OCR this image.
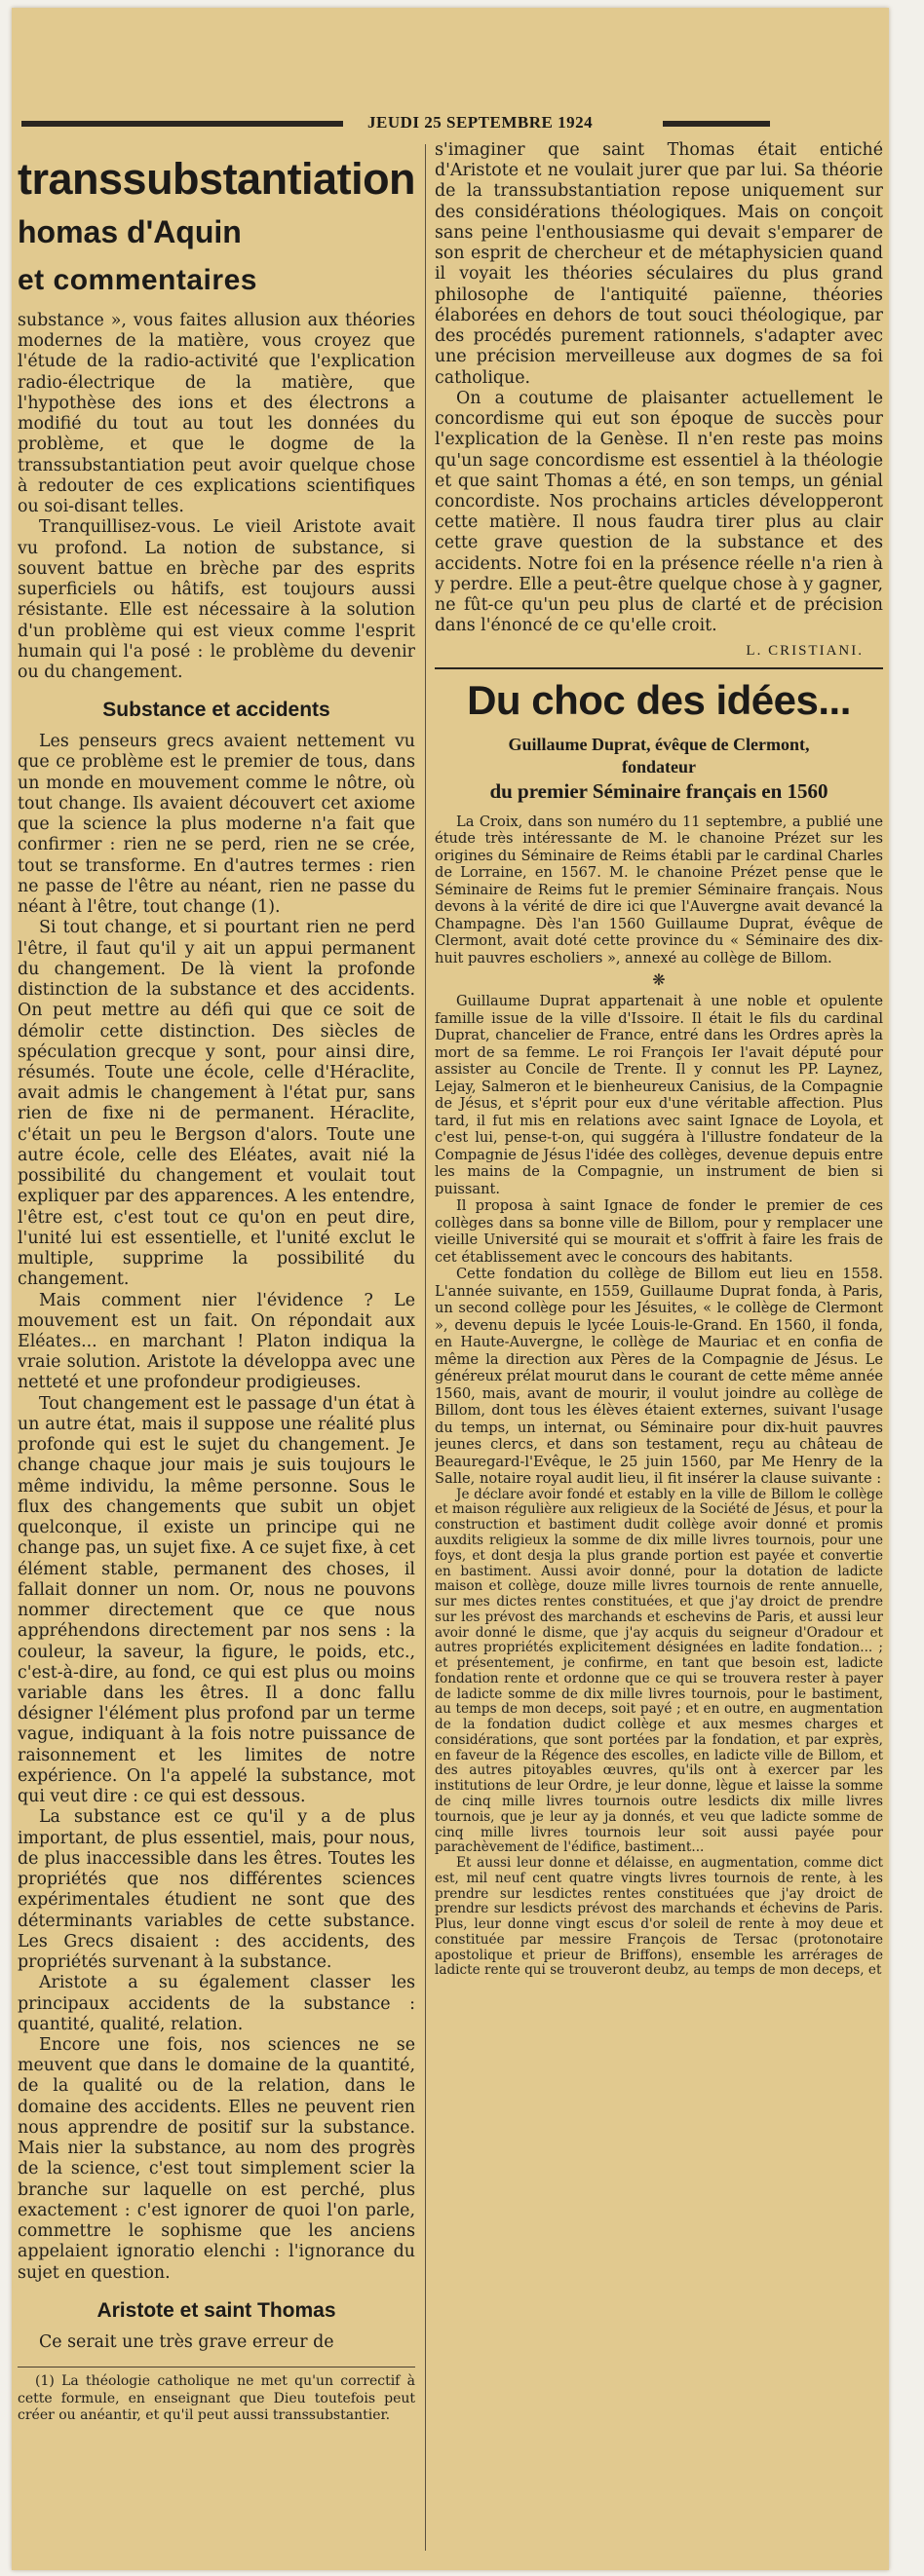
JEUDI 25 SEPTEMBRE 1924
transsubstantiation
homas d'Aquin
et commentaires

substance », vous faites allusion aux théories modernes de la matière, vous croyez que l'étude de la radio-activité que l'explication radio-électrique de la matière, que l'hypothèse des ions et des électrons a modifié du tout au tout les données du problème, et que le dogme de la transsubstantiation peut avoir quelque chose à redouter de ces explications scientifiques ou soi-disant telles.

Tranquillisez-vous. Le vieil Aristote avait vu profond. La notion de substance, si souvent battue en brèche par des esprits superficiels ou hâtifs, est toujours aussi résistante. Elle est nécessaire à la solution d'un problème qui est vieux comme l'esprit humain qui l'a posé : le problème du devenir ou du changement.

Substance et accidents

Les penseurs grecs avaient nettement vu que ce problème est le premier de tous, dans un monde en mouvement comme le nôtre, où tout change. Ils avaient découvert cet axiome que la science la plus moderne n'a fait que confirmer : rien ne se perd, rien ne se crée, tout se transforme. En d'autres termes : rien ne passe de l'être au néant, rien ne passe du néant à l'être, tout change (1).

Si tout change, et si pourtant rien ne perd l'être, il faut qu'il y ait un appui permanent du changement. De là vient la profonde distinction de la substance et des accidents. On peut mettre au défi qui que ce soit de démolir cette distinction. Des siècles de spéculation grecque y sont, pour ainsi dire, résumés. Toute une école, celle d'Héraclite, avait admis le changement à l'état pur, sans rien de fixe ni de permanent. Héraclite, c'était un peu le Bergson d'alors. Toute une autre école, celle des Eléates, avait nié la possibilité du changement et voulait tout expliquer par des apparences. A les entendre, l'être est, c'est tout ce qu'on en peut dire, l'unité lui est essentielle, et l'unité exclut le multiple, supprime la possibilité du changement.

Mais comment nier l'évidence ? Le mouvement est un fait. On répondait aux Eléates... en marchant ! Platon indiqua la vraie solution. Aristote la développa avec une netteté et une profondeur prodigieuses.

Tout changement est le passage d'un état à un autre état, mais il suppose une réalité plus profonde qui est le sujet du changement. Je change chaque jour mais je suis toujours le même individu, la même personne. Sous le flux des changements que subit un objet quelconque, il existe un principe qui ne change pas, un sujet fixe. A ce sujet fixe, à cet élément stable, permanent des choses, il fallait donner un nom. Or, nous ne pouvons nommer directement que ce que nous appréhendons directement par nos sens : la couleur, la saveur, la figure, le poids, etc., c'est-à-dire, au fond, ce qui est plus ou moins variable dans les êtres. Il a donc fallu désigner l'élément plus profond par un terme vague, indiquant à la fois notre puissance de raisonnement et les limites de notre expérience. On l'a appelé la substance, mot qui veut dire : ce qui est dessous.

La substance est ce qu'il y a de plus important, de plus essentiel, mais, pour nous, de plus inaccessible dans les êtres. Toutes les propriétés que nos différentes sciences expérimentales étudient ne sont que des déterminants variables de cette substance. Les Grecs disaient : des accidents, des propriétés survenant à la substance.

Aristote a su également classer les principaux accidents de la substance : quantité, qualité, relation.

Encore une fois, nos sciences ne se meuvent que dans le domaine de la quantité, de la qualité ou de la relation, dans le domaine des accidents. Elles ne peuvent rien nous apprendre de positif sur la substance. Mais nier la substance, au nom des progrès de la science, c'est tout simplement scier la branche sur laquelle on est perché, plus exactement : c'est ignorer de quoi l'on parle, commettre le sophisme que les anciens appelaient ignoratio elenchi : l'ignorance du sujet en question.

Aristote et saint Thomas

Ce serait une très grave erreur de

(1) La théologie catholique ne met qu'un correctif à cette formule, en enseignant que Dieu toutefois peut créer ou anéantir, et qu'il peut aussi transsubstantier.

s'imaginer que saint Thomas était entiché d'Aristote et ne voulait jurer que par lui. Sa théorie de la transsubstantiation repose uniquement sur des considérations théologiques. Mais on conçoit sans peine l'enthousiasme qui devait s'emparer de son esprit de chercheur et de métaphysicien quand il voyait les théories séculaires du plus grand philosophe de l'antiquité païenne, théories élaborées en dehors de tout souci théologique, par des procédés purement rationnels, s'adapter avec une précision merveilleuse aux dogmes de sa foi catholique.

On a coutume de plaisanter actuellement le concordisme qui eut son époque de succès pour l'explication de la Genèse. Il n'en reste pas moins qu'un sage concordisme est essentiel à la théologie et que saint Thomas a été, en son temps, un génial concordiste. Nos prochains articles développeront cette matière. Il nous faudra tirer plus au clair cette grave question de la substance et des accidents. Notre foi en la présence réelle n'a rien à y perdre. Elle a peut-être quelque chose à y gagner, ne fût-ce qu'un peu plus de clarté et de précision dans l'énoncé de ce qu'elle croit.

L. CRISTIANI.
Du choc des idées...
Guillaume Duprat, évêque de Clermont,
fondateur
du premier Séminaire français en 1560

La Croix, dans son numéro du 11 septembre, a publié une étude très intéressante de M. le chanoine Prézet sur les origines du Séminaire de Reims établi par le cardinal Charles de Lorraine, en 1567. M. le chanoine Prézet pense que le Séminaire de Reims fut le premier Séminaire français. Nous devons à la vérité de dire ici que l'Auvergne avait devancé la Champagne. Dès l'an 1560 Guillaume Duprat, évêque de Clermont, avait doté cette province du « Séminaire des dix-huit pauvres escholiers », annexé au collège de Billom.

❋

Guillaume Duprat appartenait à une noble et opulente famille issue de la ville d'Issoire. Il était le fils du cardinal Duprat, chancelier de France, entré dans les Ordres après la mort de sa femme. Le roi François Ier l'avait député pour assister au Concile de Trente. Il y connut les PP. Laynez, Lejay, Salmeron et le bienheureux Canisius, de la Compagnie de Jésus, et s'éprit pour eux d'une véritable affection. Plus tard, il fut mis en relations avec saint Ignace de Loyola, et c'est lui, pense-t-on, qui suggéra à l'illustre fondateur de la Compagnie de Jésus l'idée des collèges, devenue depuis entre les mains de la Compagnie, un instrument de bien si puissant.

Il proposa à saint Ignace de fonder le premier de ces collèges dans sa bonne ville de Billom, pour y remplacer une vieille Université qui se mourait et s'offrit à faire les frais de cet établissement avec le concours des habitants.

Cette fondation du collège de Billom eut lieu en 1558. L'année suivante, en 1559, Guillaume Duprat fonda, à Paris, un second collège pour les Jésuites, « le collège de Clermont », devenu depuis le lycée Louis-le-Grand. En 1560, il fonda, en Haute-Auvergne, le collège de Mauriac et en confia de même la direction aux Pères de la Compagnie de Jésus. Le généreux prélat mourut dans le courant de cette même année 1560, mais, avant de mourir, il voulut joindre au collège de Billom, dont tous les élèves étaient externes, suivant l'usage du temps, un internat, ou Séminaire pour dix-huit pauvres jeunes clercs, et dans son testament, reçu au château de Beauregard-l'Evêque, le 25 juin 1560, par Me Henry de la Salle, notaire royal audit lieu, il fit insérer la clause suivante :

Je déclare avoir fondé et estably en la ville de Billom le collège et maison régulière aux religieux de la Société de Jésus, et pour la construction et bastiment dudit collège avoir donné et promis auxdits religieux la somme de dix mille livres tournois, pour une foys, et dont desja la plus grande portion est payée et convertie en bastiment. Aussi avoir donné, pour la dotation de ladicte maison et collège, douze mille livres tournois de rente annuelle, sur mes dictes rentes constituées, et que j'ay droict de prendre sur les prévost des marchands et eschevins de Paris, et aussi leur avoir donné le disme, que j'ay acquis du seigneur d'Oradour et autres propriétés explicitement désignées en ladite fondation... ; et présentement, je confirme, en tant que besoin est, ladicte fondation rente et ordonne que ce qui se trouvera rester à payer de ladicte somme de dix mille livres tournois, pour le bastiment, au temps de mon deceps, soit payé ; et en outre, en augmentation de la fondation dudict collège et aux mesmes charges et considérations, que sont portées par la fondation, et par exprès, en faveur de la Régence des escolles, en ladicte ville de Billom, et des autres pitoyables œuvres, qu'ils ont à exercer par les institutions de leur Ordre, je leur donne, lègue et laisse la somme de cinq mille livres tournois outre lesdicts dix mille livres tournois, que je leur ay ja donnés, et veu que ladicte somme de cinq mille livres tournois leur soit aussi payée pour parachèvement de l'édifice, bastiment...

Et aussi leur donne et délaisse, en augmentation, comme dict est, mil neuf cent quatre vingts livres tournois de rente, à les prendre sur lesdictes rentes constituées que j'ay droict de prendre sur lesdicts prévost des marchands et échevins de Paris. Plus, leur donne vingt escus d'or soleil de rente à moy deue et constituée par messire François de Tersac (protonotaire apostolique et prieur de Briffons), ensemble les arrérages de ladicte rente qui se trouveront deubz, au temps de mon deceps, et
